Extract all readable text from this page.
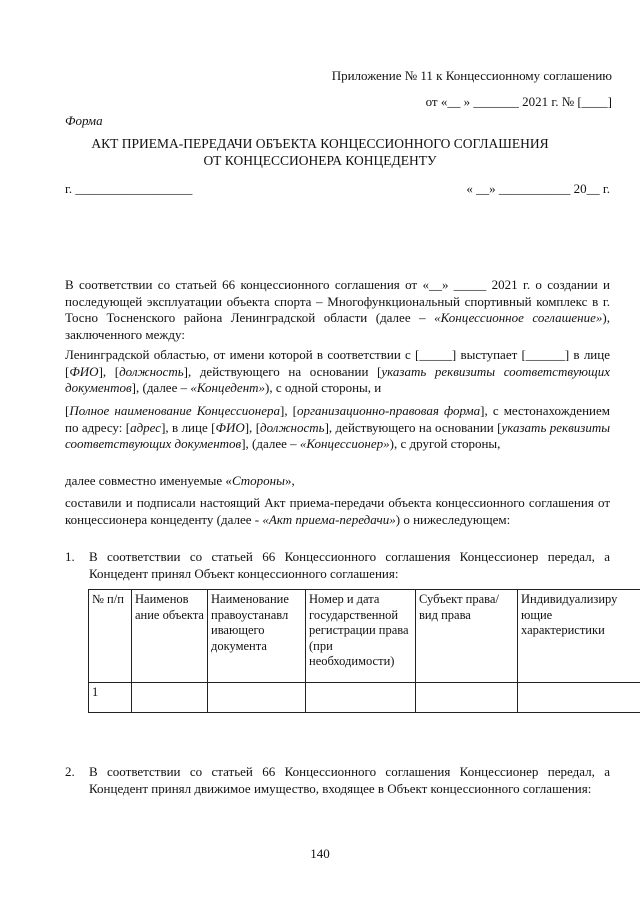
Приложение № 11 к Концессионному соглашению
от «__ » _______ 2021 г. № [____]
Форма
АКТ ПРИЕМА-ПЕРЕДАЧИ ОБЪЕКТА КОНЦЕССИОННОГО СОГЛАШЕНИЯ
ОТ КОНЦЕССИОНЕРА КОНЦЕДЕНТУ
г. __________________	« __» ___________ 20__ г.
В соответствии со статьей 66 концессионного соглашения от «__» _____ 2021 г. о создании и последующей эксплуатации объекта спорта – Многофункциональный спортивный комплекс в г. Тосно Тосненского района Ленинградской области (далее – «Концессионное соглашение»), заключенного между:
Ленинградской областью, от имени которой в соответствии с [_____] выступает [______] в лице [ФИО], [должность], действующего на основании [указать реквизиты соответствующих документов], (далее – «Концедент»), с одной стороны, и
[Полное наименование Концессионера], [организационно-правовая форма], с местонахождением по адресу: [адрес], в лице [ФИО], [должность], действующего на основании [указать реквизиты соответствующих документов], (далее – «Концессионер»), с другой стороны,
далее совместно именуемые «Стороны»,
составили и подписали настоящий Акт приема-передачи объекта концессионного соглашения от концессионера концеденту (далее - «Акт приема-передачи») о нижеследующем:
1. В соответствии со статьей 66 Концессионного соглашения Концессионер передал, а Концедент принял Объект концессионного соглашения:
№ п/п	Наименов ание объекта	Наименование правоустанавл ивающего документа	Номер и дата государственной регистрации права (при необходимости)	Субъект права/ вид права	Индивидуализиру ющие характеристики
1					
2. В соответствии со статьей 66 Концессионного соглашения Концессионер передал, а Концедент принял движимое имущество, входящее в Объект концессионного соглашения:
140
